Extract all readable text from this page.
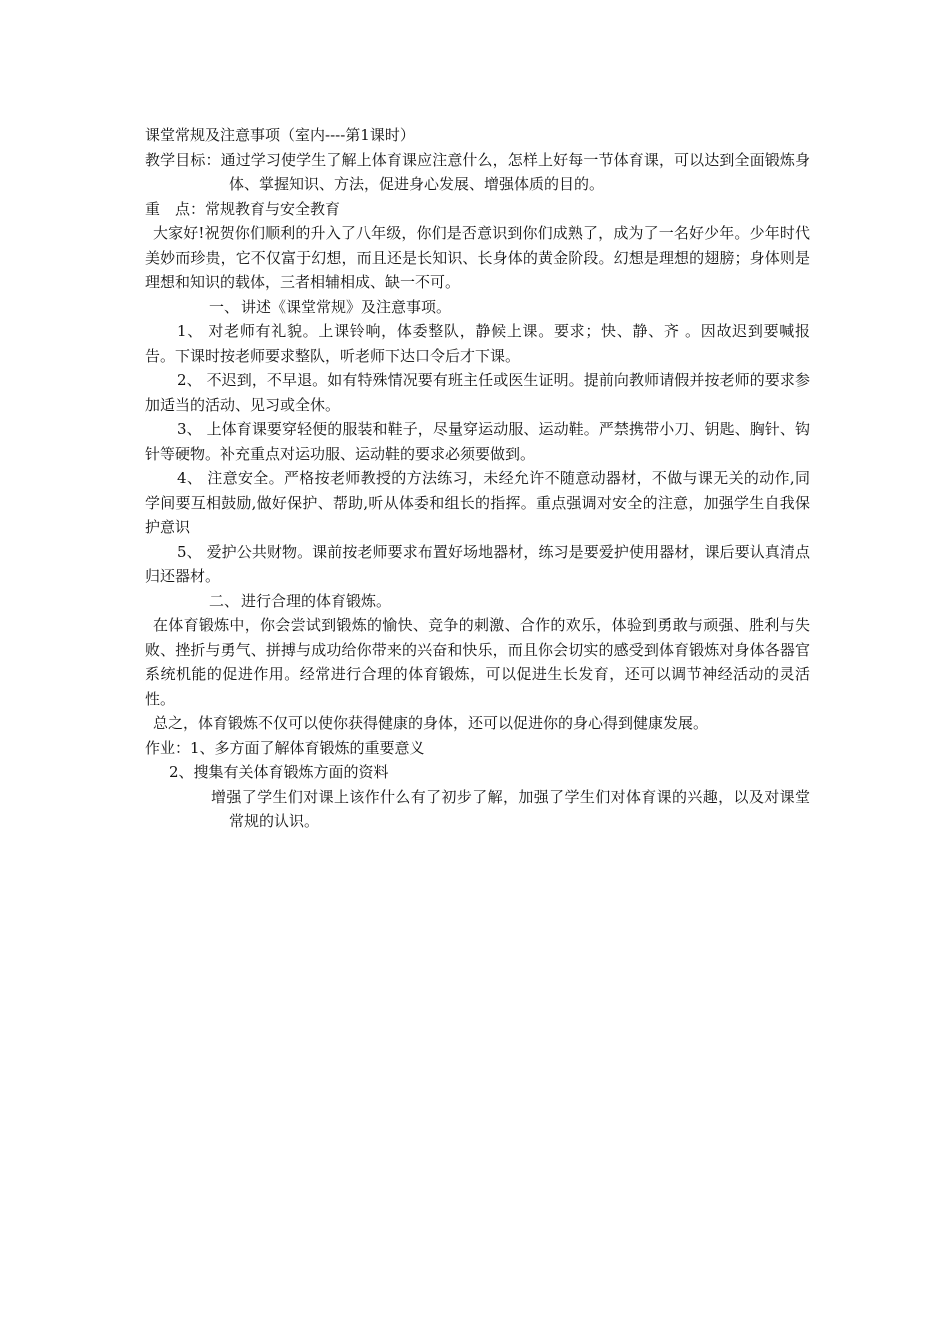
课堂常规及注意事项（室内----第1课时）

教学目标：通过学习使学生了解上体育课应注意什么，怎样上好每一节体育课，可以达到全面锻炼身体、掌握知识、方法，促进身心发展、增强体质的目的。

重　点：常规教育与安全教育

大家好!祝贺你们顺利的升入了八年级，你们是否意识到你们成熟了，成为了一名好少年。少年时代美妙而珍贵，它不仅富于幻想，而且还是长知识、长身体的黄金阶段。幻想是理想的翅膀；身体则是理想和知识的载体，三者相辅相成、缺一不可。

一、 讲述《课堂常规》及注意事项。

1、 对老师有礼貌。上课铃响，体委整队，静候上课。要求；快、静、齐 。因故迟到要喊报告。下课时按老师要求整队，听老师下达口令后才下课。

2、 不迟到，不早退。如有特殊情况要有班主任或医生证明。提前向教师请假并按老师的要求参加适当的活动、见习或全休。

3、 上体育课要穿轻便的服装和鞋子，尽量穿运动服、运动鞋。严禁携带小刀、钥匙、胸针、钩针等硬物。补充重点对运功服、运动鞋的要求必须要做到。

4、 注意安全。严格按老师教授的方法练习，未经允许不随意动器材，不做与课无关的动作,同学间要互相鼓励,做好保护、帮助,听从体委和组长的指挥。重点强调对安全的注意，加强学生自我保护意识

5、 爱护公共财物。课前按老师要求布置好场地器材，练习是要爱护使用器材，课后要认真清点归还器材。

二、 进行合理的体育锻炼。

在体育锻炼中，你会尝试到锻炼的愉快、竞争的刺激、合作的欢乐，体验到勇敢与顽强、胜利与失败、挫折与勇气、拼搏与成功给你带来的兴奋和快乐，而且你会切实的感受到体育锻炼对身体各器官系统机能的促进作用。经常进行合理的体育锻炼，可以促进生长发育，还可以调节神经活动的灵活性。

总之，体育锻炼不仅可以使你获得健康的身体，还可以促进你的身心得到健康发展。

作业：1、多方面了解体育锻炼的重要意义

2、搜集有关体育锻炼方面的资料

增强了学生们对课上该作什么有了初步了解，加强了学生们对体育课的兴趣，以及对课堂常规的认识。
